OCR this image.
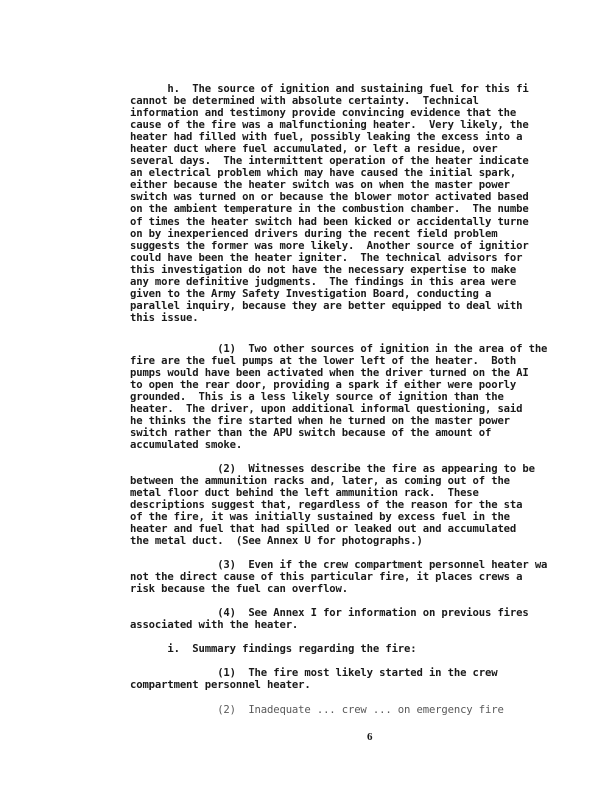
h.  The source of ignition and sustaining fuel for this fi
cannot be determined with absolute certainty.  Technical
information and testimony provide convincing evidence that the
cause of the fire was a malfunctioning heater.  Very likely, the
heater had filled with fuel, possibly leaking the excess into a
heater duct where fuel accumulated, or left a residue, over
several days.  The intermittent operation of the heater indicate
an electrical problem which may have caused the initial spark,
either because the heater switch was on when the master power
switch was turned on or because the blower motor activated based
on the ambient temperature in the combustion chamber.  The numbe
of times the heater switch had been kicked or accidentally turne
on by inexperienced drivers during the recent field problem
suggests the former was more likely.  Another source of ignitior
could have been the heater igniter.  The technical advisors for
this investigation do not have the necessary expertise to make
any more definitive judgments.  The findings in this area were
given to the Army Safety Investigation Board, conducting a
parallel inquiry, because they are better equipped to deal with
this issue.

(1)  Two other sources of ignition in the area of the
fire are the fuel pumps at the lower left of the heater.  Both
pumps would have been activated when the driver turned on the AI
to open the rear door, providing a spark if either were poorly
grounded.  This is a less likely source of ignition than the
heater.  The driver, upon additional informal questioning, said
he thinks the fire started when he turned on the master power
switch rather than the APU switch because of the amount of
accumulated smoke.

(2)  Witnesses describe the fire as appearing to be
between the ammunition racks and, later, as coming out of the
metal floor duct behind the left ammunition rack.  These
descriptions suggest that, regardless of the reason for the sta
of the fire, it was initially sustained by excess fuel in the
heater and fuel that had spilled or leaked out and accumulated
the metal duct.  (See Annex U for photographs.)

(3)  Even if the crew compartment personnel heater wa
not the direct cause of this particular fire, it places crews a
risk because the fuel can overflow.

(4)  See Annex I for information on previous fires
associated with the heater.

i.  Summary findings regarding the fire:

(1)  The fire most likely started in the crew
compartment personnel heater.

(2)  Inadequate ... crew ... on emergency fire

6
